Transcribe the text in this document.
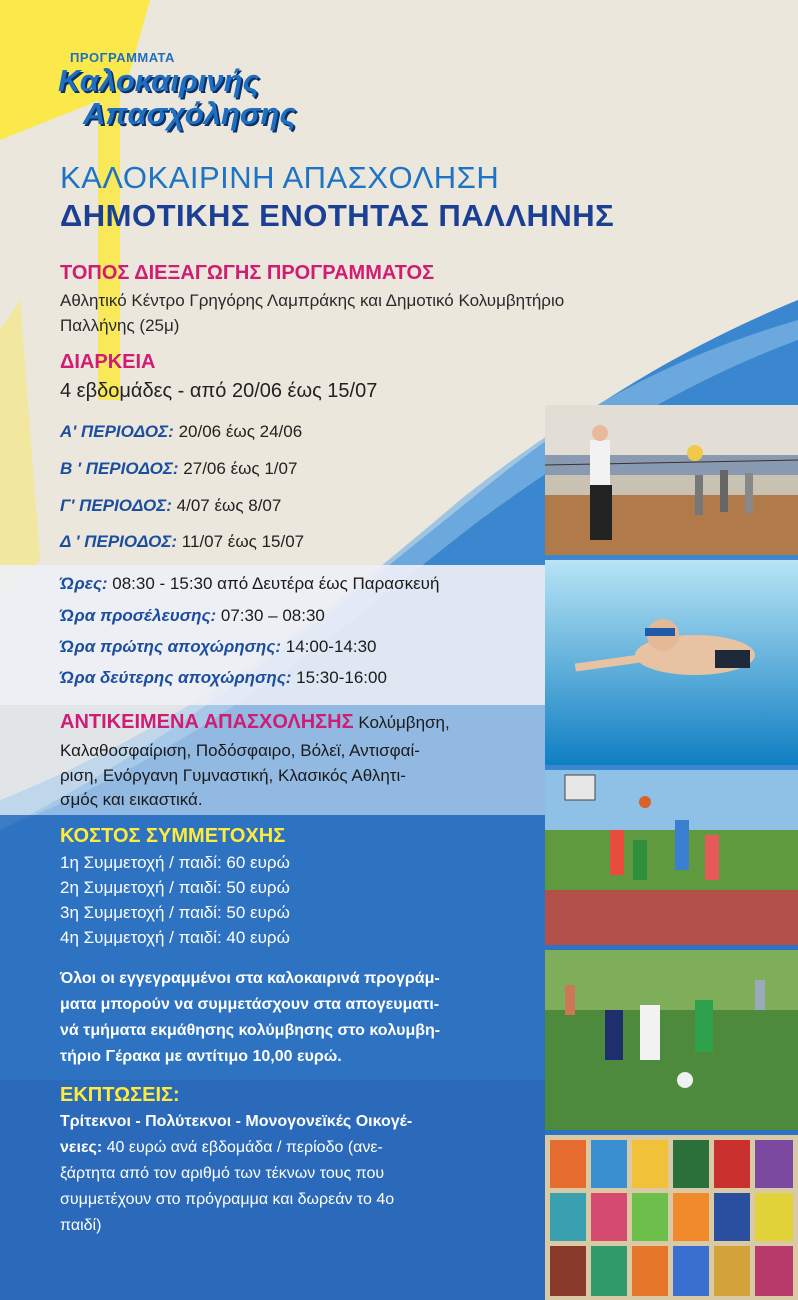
ΠΡΟΓΡΑΜΜΑΤΑ
Καλοκαιρινής
Απασχόλησης
ΚΑΛΟΚΑΙΡΙΝΗ ΑΠΑΣΧΟΛΗΣΗ
ΔΗΜΟΤΙΚΗΣ ΕΝΟΤΗΤΑΣ ΠΑΛΛΗΝΗΣ
ΤΟΠΟΣ ΔΙΕΞΑΓΩΓΗΣ ΠΡΟΓΡΑΜΜΑΤΟΣ
Αθλητικό Κέντρο Γρηγόρης Λαμπράκης και Δημοτικό Κολυμβητήριο
Παλλήνης (25μ)
ΔΙΑΡΚΕΙΑ
4 εβδομάδες - από 20/06 έως 15/07
Α' ΠΕΡΙΟΔΟΣ: 20/06 έως 24/06
Β ' ΠΕΡΙΟΔΟΣ: 27/06 έως 1/07
Γ' ΠΕΡΙΟΔΟΣ: 4/07 έως 8/07
Δ ' ΠΕΡΙΟΔΟΣ: 11/07 έως 15/07
Ώρες: 08:30 - 15:30 από Δευτέρα έως Παρασκευή
Ώρα προσέλευσης: 07:30 – 08:30
Ώρα πρώτης αποχώρησης: 14:00-14:30
Ώρα δεύτερης αποχώρησης: 15:30-16:00
ΑΝΤΙΚΕΙΜΕΝΑ ΑΠΑΣΧΟΛΗΣΗΣ Κολύμβηση,
Καλαθοσφαίριση, Ποδόσφαιρο, Βόλεϊ, Αντισφαί-
ριση, Ενόργανη Γυμναστική, Κλασικός Αθλητι-
σμός και εικαστικά.
ΚΟΣΤΟΣ ΣΥΜΜΕΤΟΧΗΣ
1η Συμμετοχή / παιδί: 60 ευρώ
2η Συμμετοχή / παιδί: 50 ευρώ
3η Συμμετοχή / παιδί: 50 ευρώ
4η Συμμετοχή / παιδί: 40 ευρώ
Όλοι οι εγγεγραμμένοι στα καλοκαιρινά προγράμ-
ματα μπορούν να συμμετάσχουν στα απογευματι-
νά τμήματα εκμάθησης κολύμβησης στο κολυμβη-
τήριο Γέρακα με αντίτιμο 10,00 ευρώ.
ΕΚΠΤΩΣΕΙΣ:
Τρίτεκνοι - Πολύτεκνοι - Μονογονεϊκές Οικογέ-
νειες: 40 ευρώ ανά εβδομάδα / περίοδο (ανε-
ξάρτητα από τον αριθμό των τέκνων τους που
συμμετέχουν στο πρόγραμμα και δωρεάν το 4ο
παιδί)
